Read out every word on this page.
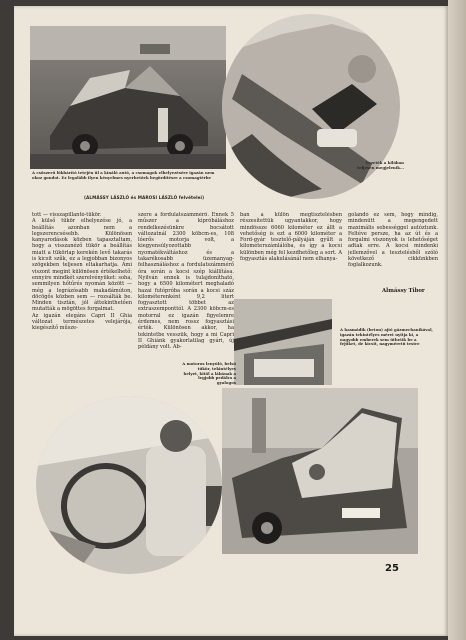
A csőszerű lökhárító tetején ül a kínáló autó, a csomagok elhelyezésére igazán nem okoz gondot. Ez legalább ilyen kényelmes nyerhetőek begördítésre a csomagtérbe
(ALMÁSSY LÁSZLÓ és MAROSI LÁSZLÓ felvételei)
Vezeték a kilóban teljesen megjelenik...
tott — visszapillantó-tükör.
A külső tükör elhelyezése jó, a beállítás azonban nem a legszerencsésebb. Különösen kanyarodások közben tapasztaltam, hogy a visszanéző tükör a beállítás miatt a tükörlap kerekén levő takarás is kicsit szűk, ez a legjobban bizonyos szögekben teljesen eltakarhatja. Ami viszont megint különösen értékelhető: ennyire mindkét szerelvényüket: soha, semmilyen hőtűrés nyomán között — még a legrázósabb makadámúton, döcögős közben sem — rozsálták be. Minden tisztán, jól áttekinthetően mutatták a mögöttes forgalmat.
Az igazán elegáns Capri II Ghia változat természetes velejárója, kiegészítő műsze-
szere a fordulatszámmérő. Ennek 5 műszer a kipróbáláshoz rendelkezésünkre bocsátott változatnál 2300 köbcm-es, 108 lóerős motorja volt, a kiegyensúlyozottabb nyomatékváltáshoz és a takarékosabb üzemanyag-felhasználáshoz a fordulatszámmérő óra során a kocsi szép kiállítása. Nyilván ennek is tulajdonítható, hogy a 6500 kilométert meghaladó hazai futópróba során a kocsi száz kilométerenként 9,2 litert fogyasztott többet az extraszemponttól. A 2300 köbcm-es motorral ez igazán figyelemre érdemes, nem rossz fogyasztási érték. Különösen akkor, ha tekintetbe vesszük, hogy a mi Capri II Ghiánk gyakorlatilag gyári, új példány volt. Ab-
ban a külön megtisztelésben részesítettük ugyantakkor, hogy mindössze 6060 kilométer ez állt a vehetőség is ezt a 6000 kilométer a Ford-gyár tesztelő-pályáján gyűlt a kilométerszámlálóba, és így a kocsi különben még fel kezdhetőleg a sort. A fogyasztás alakulásánál nem elhanya-
golandó ez sem, hogy mindig, mindenütt a megengedett maximális sebességgel autóztunk. Feltéve persze, ha az út és a forgalmi viszonyok is lehetőséget adtak erre. A kocsi mindenki jellemzővel a tesztelésből szóló következő cikkünkben foglalkozunk.
Almássy Tibor
A hasmódik (beton) ajtó gázmechanikával, igazán tekintélyes méret nyitja ki, a nagyobb emberek sem üthetik be a fejüket, de kicsit, nagyméretű testre
A motoros lenyúló, belső tükör, tekintélyes helyet, kitől a lábának a legjobb pedálra a gyalogos
25
